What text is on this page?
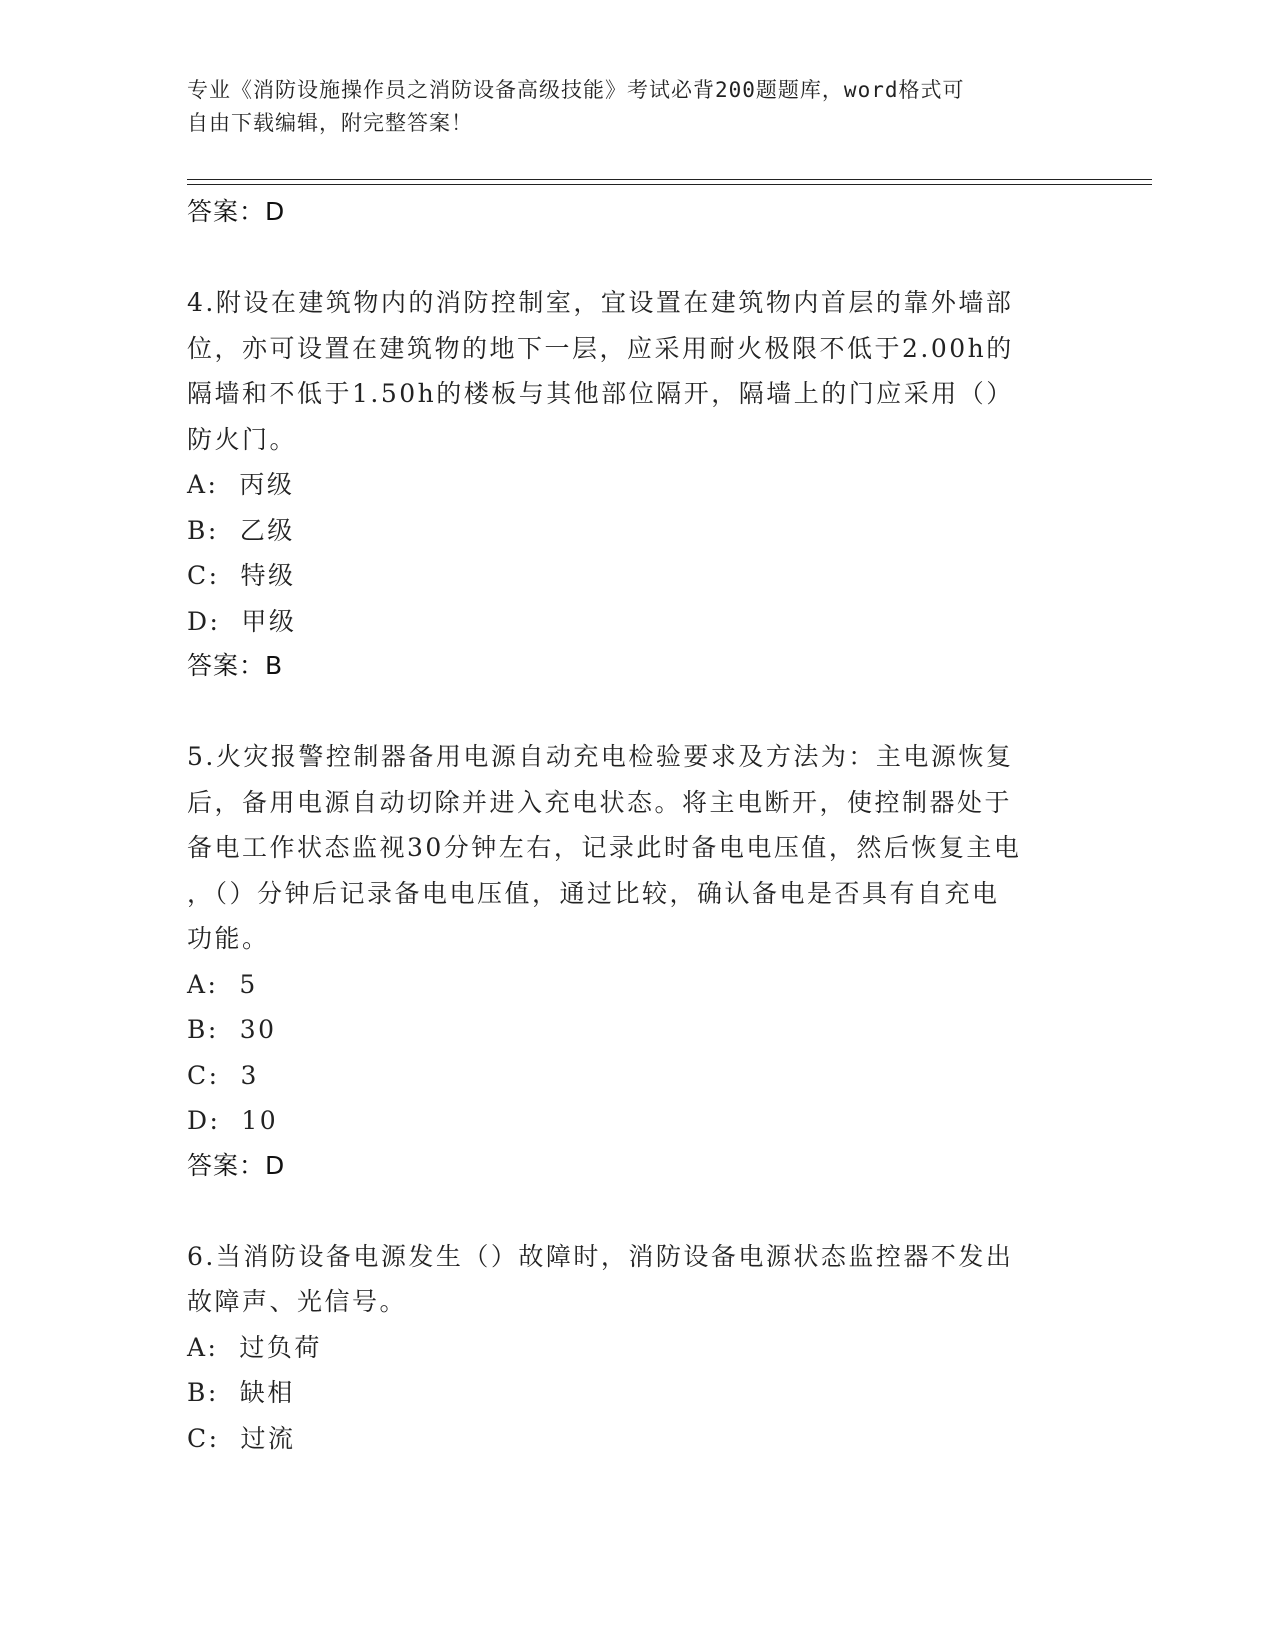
专业《消防设施操作员之消防设备高级技能》考试必背200题题库，word格式可
自由下载编辑，附完整答案！
答案：D
4.附设在建筑物内的消防控制室，宜设置在建筑物内首层的靠外墙部
位，亦可设置在建筑物的地下一层，应采用耐火极限不低于2.00h的
隔墙和不低于1.50h的楼板与其他部位隔开，隔墙上的门应采用（）
防火门。
A:  丙级
B:  乙级
C:  特级
D:  甲级
答案：B
5.火灾报警控制器备用电源自动充电检验要求及方法为：主电源恢复
后，备用电源自动切除并进入充电状态。将主电断开，使控制器处于
备电工作状态监视30分钟左右，记录此时备电电压值，然后恢复主电
，（）分钟后记录备电电压值，通过比较，确认备电是否具有自充电
功能。
A:  5
B:  30
C:  3
D:  10
答案：D
6.当消防设备电源发生（）故障时，消防设备电源状态监控器不发出
故障声、光信号。
A:  过负荷
B:  缺相
C:  过流
